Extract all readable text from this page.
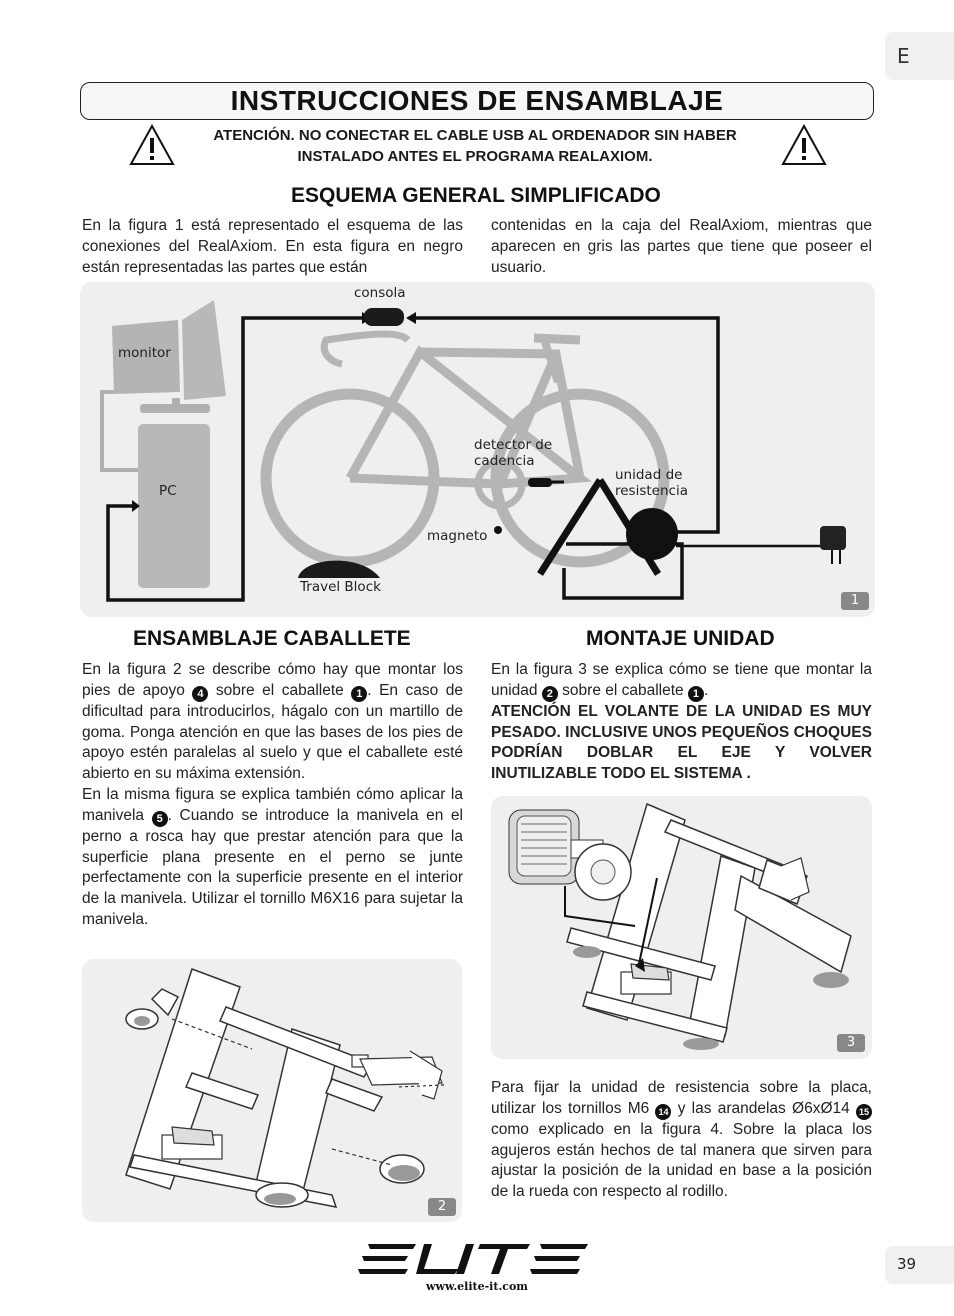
E
INSTRUCCIONES DE ENSAMBLAJE
ATENCIÓN. NO CONECTAR EL CABLE USB AL ORDENADOR SIN HABER
INSTALADO ANTES EL PROGRAMA REALAXIOM.
ESQUEMA GENERAL SIMPLIFICADO
En la figura 1 está representado el esquema de las conexiones del RealAxiom. En esta figura en negro están representadas las partes que están
contenidas en la caja del RealAxiom, mientras que aparecen en gris las partes que tiene que poseer el usuario.
consola
monitor
PC
detector de
cadencia
unidad de
resistencia
magneto
Travel Block
1
ENSAMBLAJE CABALLETE
En la figura 2 se describe cómo hay que montar los pies de apoyo 4 sobre el caballete 1 . En caso de dificultad para introducirlos, hágalo con un martillo de goma. Ponga atención en que las bases de los pies de apoyo estén paralelas al suelo y que el caballete esté abierto en su máxima extensión.
En la misma figura se explica también cómo aplicar la manivela 5 . Cuando se introduce la manivela en el perno a rosca hay que prestar atención para que la superficie plana presente en el perno se junte perfectamente con la superficie presente en el interior de la manivela. Utilizar el tornillo M6X16 para sujetar la manivela.
2
MONTAJE UNIDAD
En la figura 3 se explica cómo se tiene que montar la unidad 2 sobre el caballete 1 .
ATENCIÓN EL VOLANTE DE LA UNIDAD ES MUY PESADO. INCLUSIVE UNOS PEQUEÑOS CHOQUES PODRÍAN DOBLAR EL EJE Y VOLVER INUTILIZABLE TODO EL SISTEMA .
3
Para fijar la unidad de resistencia sobre la placa, utilizar los tornillos M6 14 y las arandelas Ø6xØ14 15 como explicado en la figura 4. Sobre la placa los agujeros están hechos de tal manera que sirven para ajustar la posición de la unidad en base a la posición de la rueda con respecto al rodillo.
www.elite-it.com
39
